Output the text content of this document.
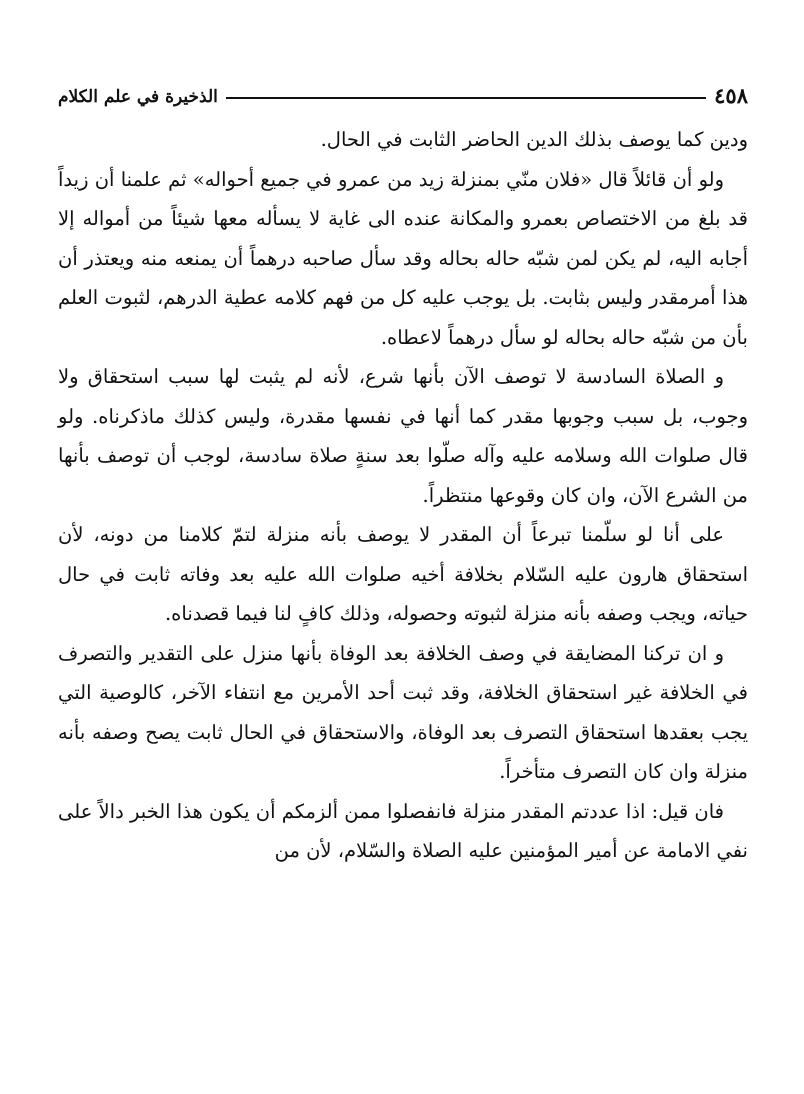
٤٥٨
الذخيرة في علم الكلام

ودين كما يوصف بذلك الدين الحاضر الثابت في الحال.

ولو أن قائلاً قال «فلان منّي بمنزلة زيد من عمرو في جميع أحواله» ثم علمنا أن زيداً قد بلغ من الاختصاص بعمرو والمكانة عنده الى غاية لا يسأله معها شيئاً من أمواله إلا أجابه اليه، لم يكن لمن شبّه حاله بحاله وقد سأل صاحبه درهماً أن يمنعه منه ويعتذر أن هذا أمرمقدر وليس بثابت. بل يوجب عليه كل من فهم كلامه عطية الدرهم، لثبوت العلم بأن من شبّه حاله بحاله لو سأل درهماً لاعطاه.

و الصلاة السادسة لا توصف الآن بأنها شرع، لأنه لم يثبت لها سبب استحقاق ولا وجوب، بل سبب وجوبها مقدر كما أنها في نفسها مقدرة، وليس كذلك ماذكرناه. ولو قال صلوات الله وسلامه عليه وآله صلّوا بعد سنةٍ صلاة سادسة، لوجب أن توصف بأنها من الشرع الآن، وان كان وقوعها منتظراً.

على أنا لو سلّمنا تبرعاً أن المقدر لا يوصف بأنه منزلة لتمّ كلامنا من دونه، لأن استحقاق هارون عليه السّلام بخلافة أخيه صلوات الله عليه بعد وفاته ثابت في حال حياته، ويجب وصفه بأنه منزلة لثبوته وحصوله، وذلك كافٍ لنا فيما قصدناه.

و ان تركنا المضايقة في وصف الخلافة بعد الوفاة بأنها منزل على التقدير والتصرف في الخلافة غير استحقاق الخلافة، وقد ثبت أحد الأمرين مع انتفاء الآخر، كالوصية التي يجب بعقدها استحقاق التصرف بعد الوفاة، والاستحقاق في الحال ثابت يصح وصفه بأنه منزلة وان كان التصرف متأخراً.

فان قيل: اذا عددتم المقدر منزلة فانفصلوا ممن ألزمكم أن يكون هذا الخبر دالاً على نفي الامامة عن أمير المؤمنين عليه الصلاة والسّلام، لأن من
